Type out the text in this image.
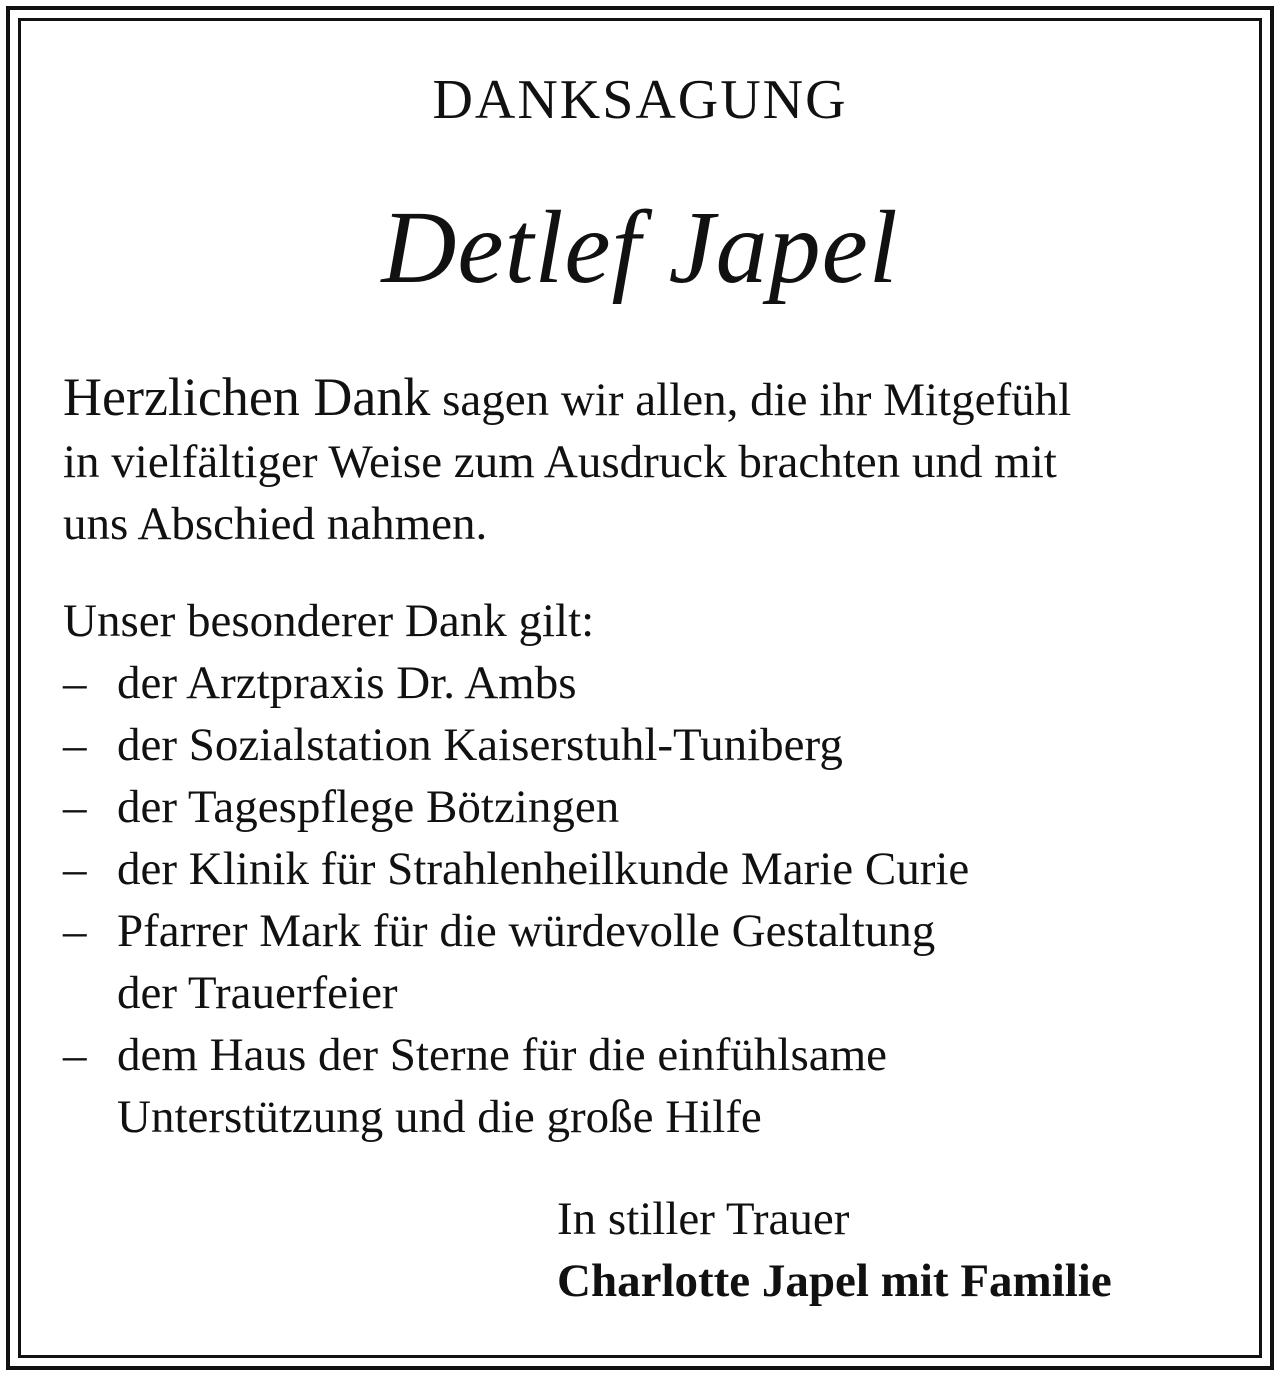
DANKSAGUNG
Detlef Japel
Herzlichen Dank sagen wir allen, die ihr Mitgefühl
in vielfältiger Weise zum Ausdruck brachten und mit
uns Abschied nahmen.
Unser besonderer Dank gilt:
– der Arztpraxis Dr. Ambs
– der Sozialstation Kaiserstuhl-Tuniberg
– der Tagespflege Bötzingen
– der Klinik für Strahlenheilkunde Marie Curie
– Pfarrer Mark für die würdevolle Gestaltung
der Trauerfeier
– dem Haus der Sterne für die einfühlsame
Unterstützung und die große Hilfe
In stiller Trauer
Charlotte Japel mit Familie
